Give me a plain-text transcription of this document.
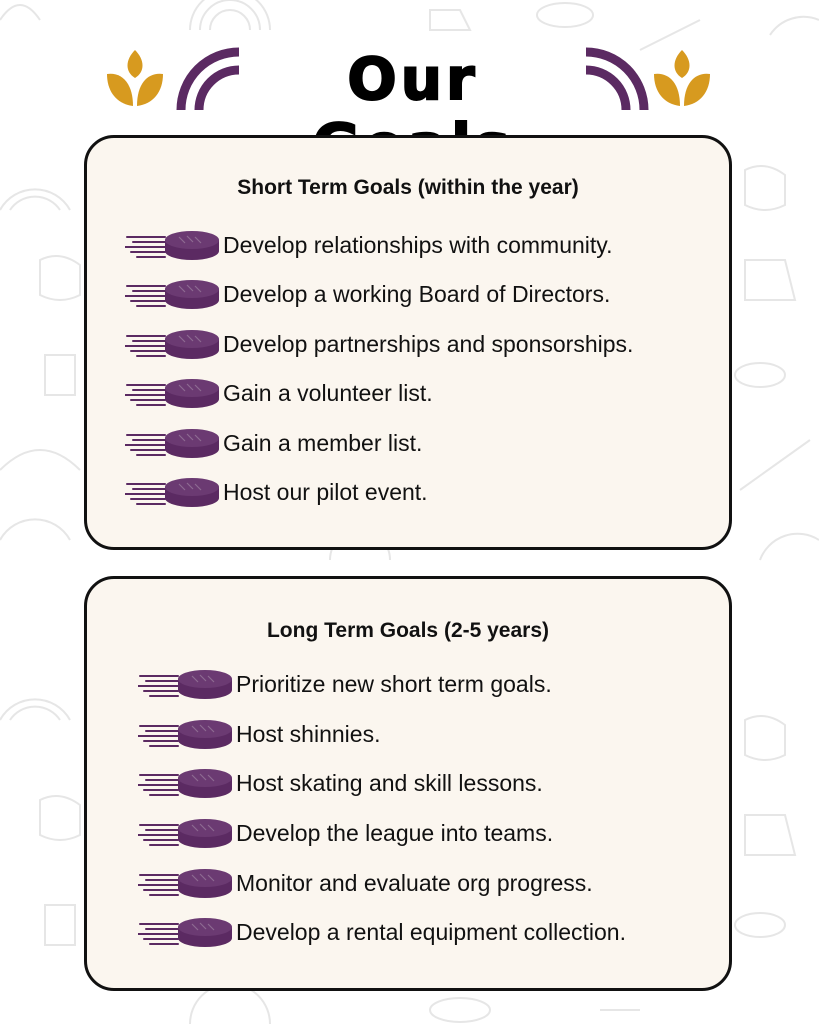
Our
Short Term Goals (within the year)
Develop relationships with community.
Develop a working Board of Directors.
Develop partnerships and sponsorships.
Gain a volunteer list.
Gain a member list.
Host our pilot event.
Long Term Goals (2-5 years)
Prioritize new short term goals.
Host shinnies.
Host skating and skill lessons.
Develop the league into teams.
Monitor and evaluate org progress.
Develop a rental equipment collection.
